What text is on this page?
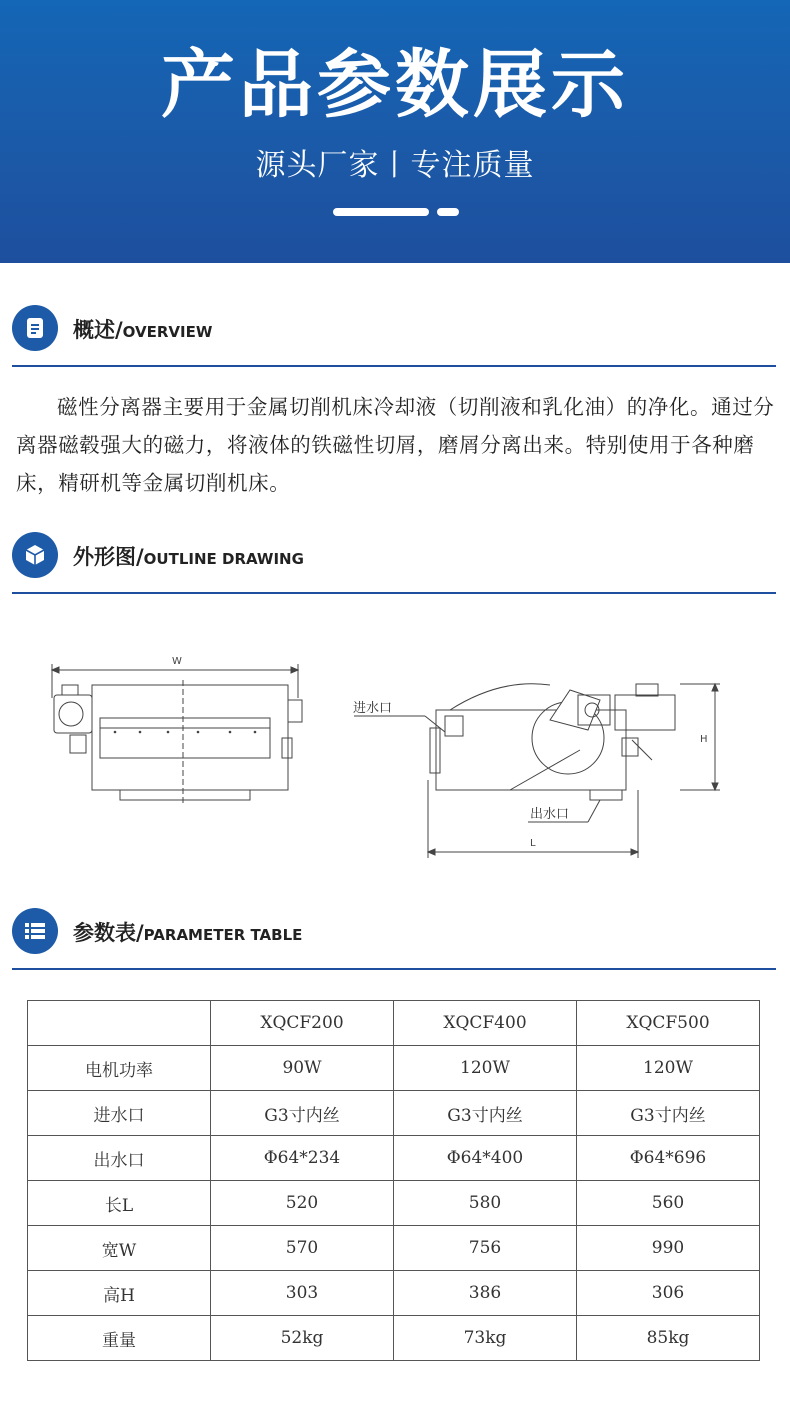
产品参数展示
源头厂家丨专注质量
概述/OVERVIEW

磁性分离器主要用于金属切削机床冷却液（切削液和乳化油）的净化。通过分离器磁毂强大的磁力，将液体的铁磁性切屑，磨屑分离出来。特别使用于各种磨床，精研机等金属切削机床。

外形图/OUTLINE DRAWING
W
进水口
H
出水口
L
参数表/PARAMETER TABLE
	XQCF200	XQCF400	XQCF500
电机功率	90W	120W	120W
进水口	G3寸内丝	G3寸内丝	G3寸内丝
出水口	Φ64*234	Φ64*400	Φ64*696
长L	520	580	560
宽W	570	756	990
高H	303	386	306
重量	52kg	73kg	85kg
